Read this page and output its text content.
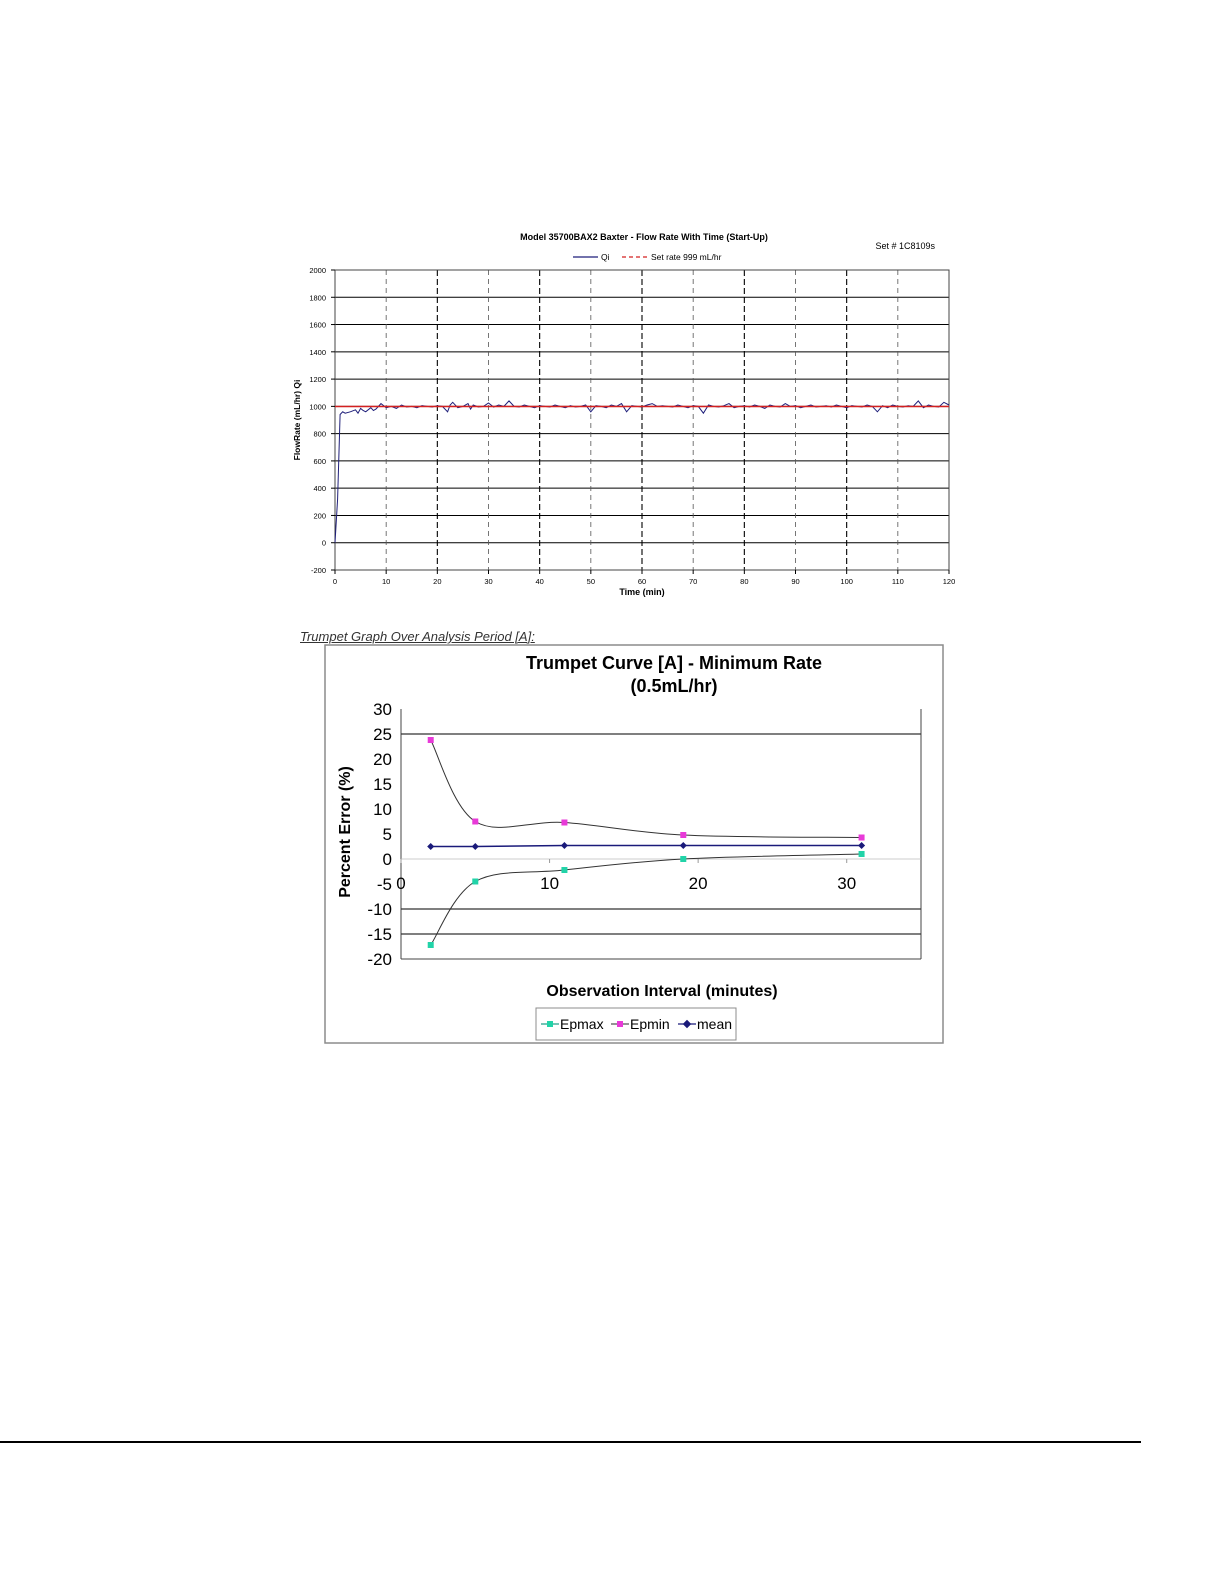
Model 35700BAX2 Baxter - Flow Rate With Time (Start-Up)
Set # 1C8109s
Qi	Set rate 999 mL/hr
-200
0
200
400
600
800
1000
1200
1400
1600
1800
2000
0	10	20	30	40	50	60	70	80	90	100	110	120
Time (min)
FlowRate (mL/hr) Qi
Trumpet Graph Over Analysis Period [A]:
Trumpet Curve [A] - Minimum Rate
(0.5mL/hr)
30
25
20
15
10
5
0
-5
-10
-15
-20
0	10	20	30
Observation Interval (minutes)
Percent Error (%)
Epmax Epmin mean
